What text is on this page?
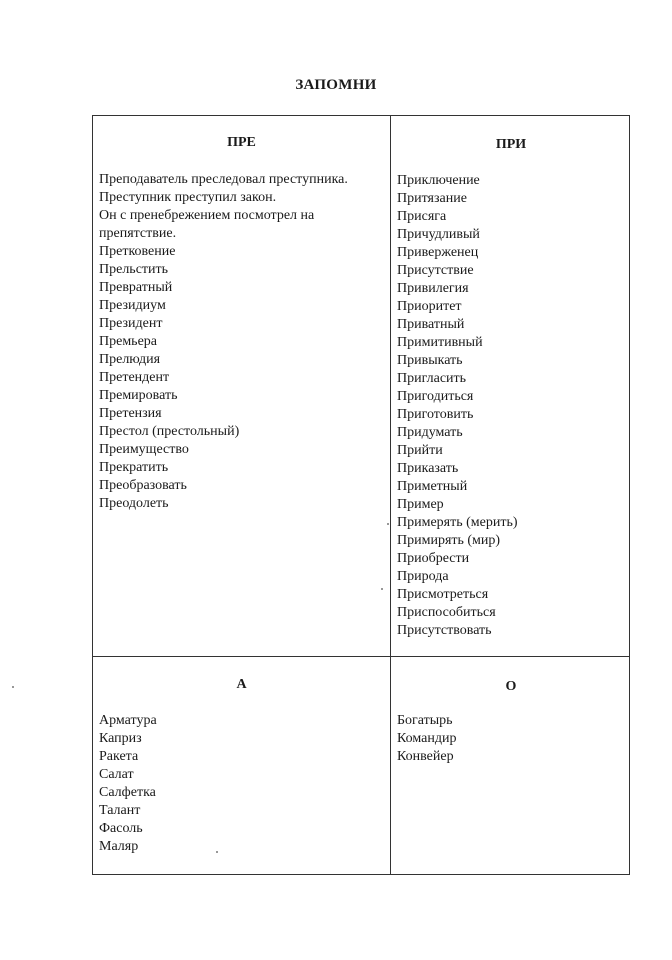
ЗАПОМНИ
ПРЕ
Преподаватель преследовал преступника.
Преступник преступил закон.
Он с пренебрежением посмотрел на
препятствие.
Претковение
Прельстить
Превратный
Президиум
Президент
Премьера
Прелюдия
Претендент
Премировать
Претензия
Престол (престольный)
Преимущество
Прекратить
Преобразовать
Преодолеть
ПРИ
Приключение
Притязание
Присяга
Причудливый
Приверженец
Присутствие
Привилегия
Приоритет
Приватный
Примитивный
Привыкать
Пригласить
Пригодиться
Приготовить
Придумать
Прийти
Приказать
Приметный
Пример
Примерять (мерить)
Примирять (мир)
Приобрести
Природа
Присмотреться
Приспособиться
Присутствовать
А
Арматура
Каприз
Ракета
Салат
Салфетка
Талант
Фасоль
Маляр
О
Богатырь
Командир
Конвейер
